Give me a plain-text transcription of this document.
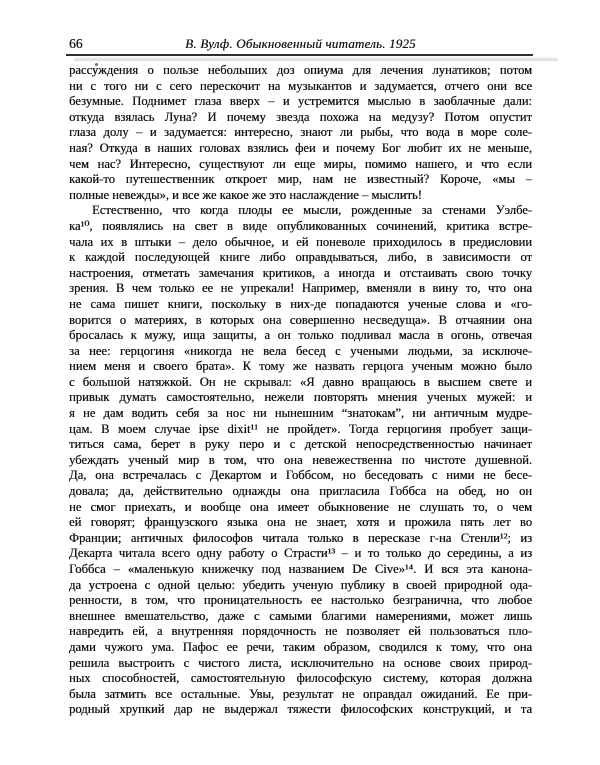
66	В. Вулф. Обыкновенный читатель. 1925
рассуждения о пользе небольших доз опиума для лечения лунатиков; потом
ни с того ни с сего перескочит на музыкантов и задумается, отчего они все
безумные. Поднимет глаза вверх – и устремится мыслью в заоблачные дали:
откуда взялась Луна? И почему звезда похожа на медузу? Потом опустит
глаза долу – и задумается: интересно, знают ли рыбы, что вода в море соле-
ная? Откуда в наших головах взялись феи и почему Бог любит их не меньше,
чем нас? Интересно, существуют ли еще миры, помимо нашего, и что если
какой-то путешественник откроет мир, нам не известный? Короче, «мы –
полные невежды», и все же какое же это наслаждение – мыслить!
Естественно, что когда плоды ее мысли, рожденные за стенами Уэлбе-
ка¹⁰, появлялись на свет в виде опубликованных сочинений, критика встре-
чала их в штыки – дело обычное, и ей поневоле приходилось в предисловии
к каждой последующей книге либо оправдываться, либо, в зависимости от
настроения, отметать замечания критиков, а иногда и отстаивать свою точку
зрения. В чем только ее не упрекали! Например, вменяли в вину то, что она
не сама пишет книги, поскольку в них-де попадаются ученые слова и «го-
ворится о материях, в которых она совершенно несведуща». В отчаянии она
бросалась к мужу, ища защиты, а он только подливал масла в огонь, отвечая
за нее: герцогиня «никогда не вела бесед с учеными людьми, за исключе-
нием меня и своего брата». К тому же назвать герцога ученым можно было
с большой натяжкой. Он не скрывал: «Я давно вращаюсь в высшем свете и
привык думать самостоятельно, нежели повторять мнения ученых мужей: и
я не дам водить себя за нос ни нынешним “знатокам”, ни античным мудре-
цам. В моем случае ipse dixit¹¹ не пройдет». Тогда герцогиня пробует защи-
титься сама, берет в руку перо и с детской непосредственностью начинает
убеждать ученый мир в том, что она невежественна по чистоте душевной.
Да, она встречалась с Декартом и Гоббсом, но беседовать с ними не бесе-
довала; да, действительно однажды она пригласила Гоббса на обед, но он
не смог приехать, и вообще она имеет обыкновение не слушать то, о чем
ей говорят; французского языка она не знает, хотя и прожила пять лет во
Франции; античных философов читала только в пересказе г-на Стенли¹²; из
Декарта читала всего одну работу о Страсти¹³ – и то только до середины, а из
Гоббса – «маленькую книжечку под названием De Cive»¹⁴. И вся эта канона-
да устроена с одной целью: убедить ученую публику в своей природной ода-
ренности, в том, что проницательность ее настолько безгранична, что любое
внешнее вмешательство, даже с самыми благими намерениями, может лишь
навредить ей, а внутренняя порядочность не позволяет ей пользоваться пло-
дами чужого ума. Пафос ее речи, таким образом, сводился к тому, что она
решила выстроить с чистого листа, исключительно на основе своих природ-
ных способностей, самостоятельную философскую систему, которая должна
была затмить все остальные. Увы, результат не оправдал ожиданий. Ее при-
родный хрупкий дар не выдержал тяжести философских конструкций, и та
